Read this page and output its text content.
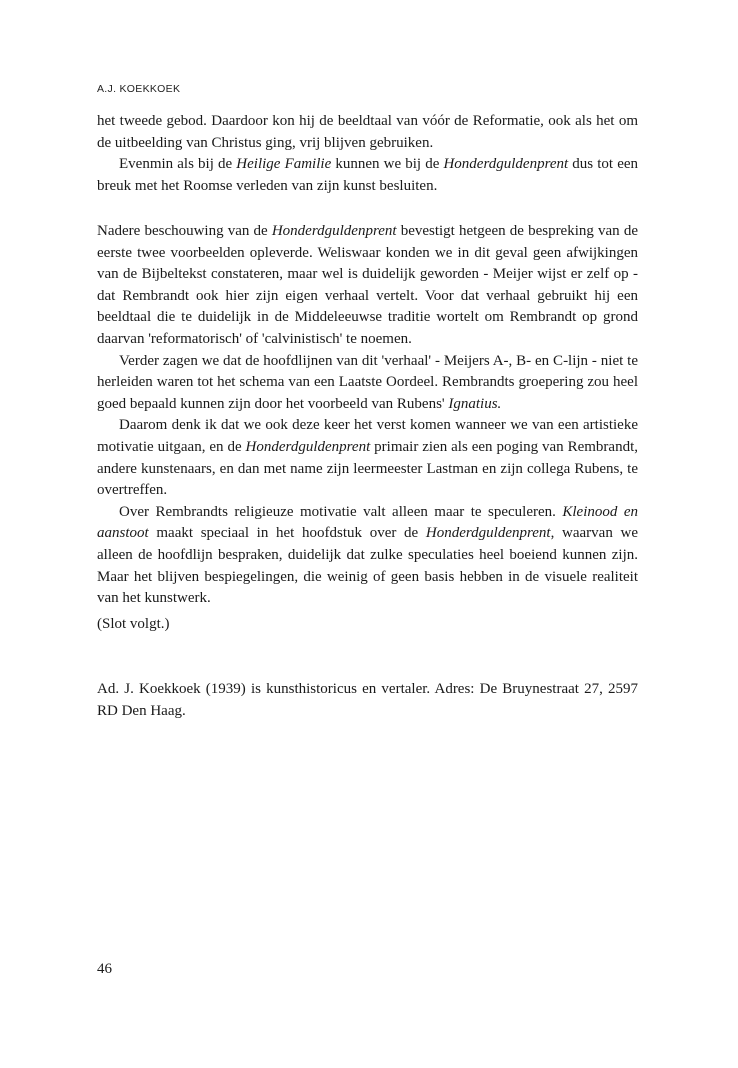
A.J. KOEKKOEK

het tweede gebod. Daardoor kon hij de beeldtaal van vóór de Reformatie, ook als het om de uitbeelding van Christus ging, vrij blijven gebruiken.

Evenmin als bij de Heilige Familie kunnen we bij de Honderdguldenprent dus tot een breuk met het Roomse verleden van zijn kunst besluiten.

Nadere beschouwing van de Honderdguldenprent bevestigt hetgeen de bespreking van de eerste twee voorbeelden opleverde. Weliswaar konden we in dit geval geen afwijkingen van de Bijbeltekst constateren, maar wel is duidelijk geworden - Meijer wijst er zelf op - dat Rembrandt ook hier zijn eigen verhaal vertelt. Voor dat verhaal gebruikt hij een beeldtaal die te duidelijk in de Middeleeuwse traditie wortelt om Rembrandt op grond daarvan 'reformatorisch' of 'calvinistisch' te noemen.

Verder zagen we dat de hoofdlijnen van dit 'verhaal' - Meijers A-, B- en C-lijn - niet te herleiden waren tot het schema van een Laatste Oordeel. Rembrandts groepering zou heel goed bepaald kunnen zijn door het voorbeeld van Rubens' Ignatius.

Daarom denk ik dat we ook deze keer het verst komen wanneer we van een artistieke motivatie uitgaan, en de Honderdguldenprent primair zien als een poging van Rembrandt, andere kunstenaars, en dan met name zijn leermeester Lastman en zijn collega Rubens, te overtreffen.

Over Rembrandts religieuze motivatie valt alleen maar te speculeren. Kleinood en aanstoot maakt speciaal in het hoofdstuk over de Honderdguldenprent, waarvan we alleen de hoofdlijn bespraken, duidelijk dat zulke speculaties heel boeiend kunnen zijn. Maar het blijven bespiegelingen, die weinig of geen basis hebben in de visuele realiteit van het kunstwerk.

(Slot volgt.)

Ad. J. Koekkoek (1939) is kunsthistoricus en vertaler. Adres: De Bruynestraat 27, 2597 RD Den Haag.

46
